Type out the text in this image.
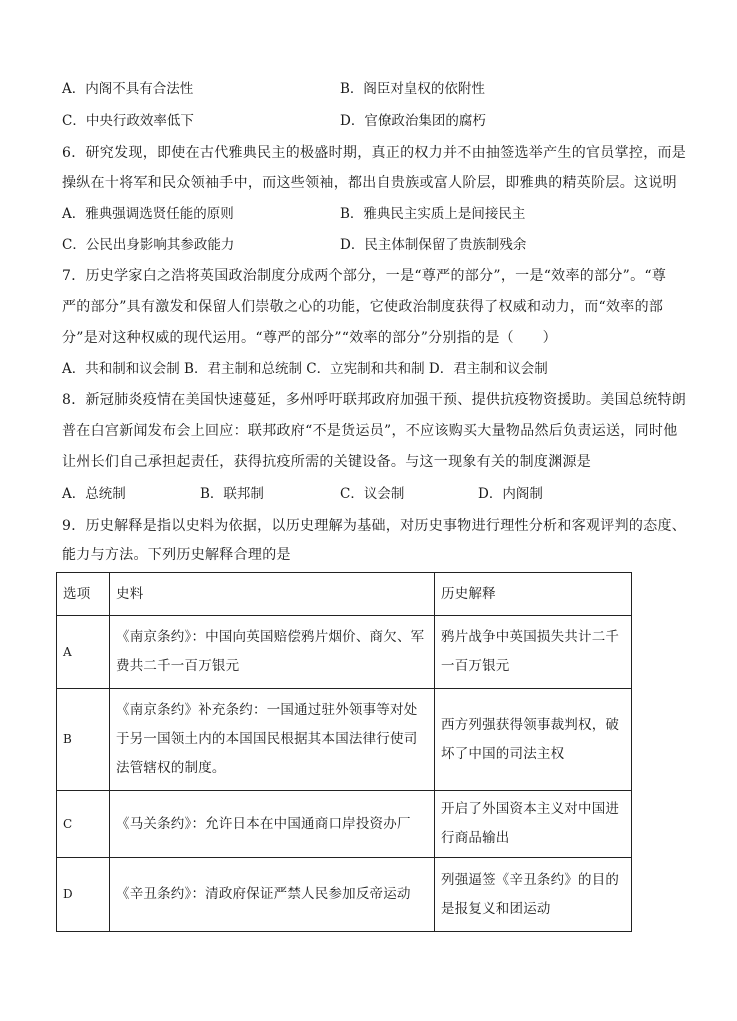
A．内阁不具有合法性	B．阁臣对皇权的依附性
C．中央行政效率低下	D．官僚政治集团的腐朽
6．研究发现，即使在古代雅典民主的极盛时期，真正的权力并不由抽签选举产生的官员掌控，而是
操纵在十将军和民众领袖手中，而这些领袖，都出自贵族或富人阶层，即雅典的精英阶层。这说明
A．雅典强调选贤任能的原则	B．雅典民主实质上是间接民主
C．公民出身影响其参政能力	D．民主体制保留了贵族制残余
7．历史学家白之浩将英国政治制度分成两个部分，一是“尊严的部分”，一是“效率的部分”。“尊
严的部分”具有激发和保留人们崇敬之心的功能，它使政治制度获得了权威和动力，而“效率的部
分”是对这种权威的现代运用。“尊严的部分”“效率的部分”分别指的是（　　）
A．共和制和议会制 B．君主制和总统制 C．立宪制和共和制 D．君主制和议会制
8．新冠肺炎疫情在美国快速蔓延，多州呼吁联邦政府加强干预、提供抗疫物资援助。美国总统特朗
普在白宫新闻发布会上回应：联邦政府“不是货运员”，不应该购买大量物品然后负责运送，同时他
让州长们自己承担起责任，获得抗疫所需的关键设备。与这一现象有关的制度渊源是
A．总统制	B．联邦制	C．议会制	D．内阁制
9．历史解释是指以史料为依据，以历史理解为基础，对历史事物进行理性分析和客观评判的态度、
能力与方法。下列历史解释合理的是
选项	史料	历史解释
A	《南京条约》：中国向英国赔偿鸦片烟价、商欠、军费共二千一百万银元	鸦片战争中英国损失共计二千一百万银元
B	《南京条约》补充条约：一国通过驻外领事等对处于另一国领土内的本国国民根据其本国法律行使司法管辖权的制度。	西方列强获得领事裁判权，破坏了中国的司法主权
C	《马关条约》：允许日本在中国通商口岸投资办厂	开启了外国资本主义对中国进行商品输出
D	《辛丑条约》：清政府保证严禁人民参加反帝运动	列强逼签《辛丑条约》的目的是报复义和团运动
